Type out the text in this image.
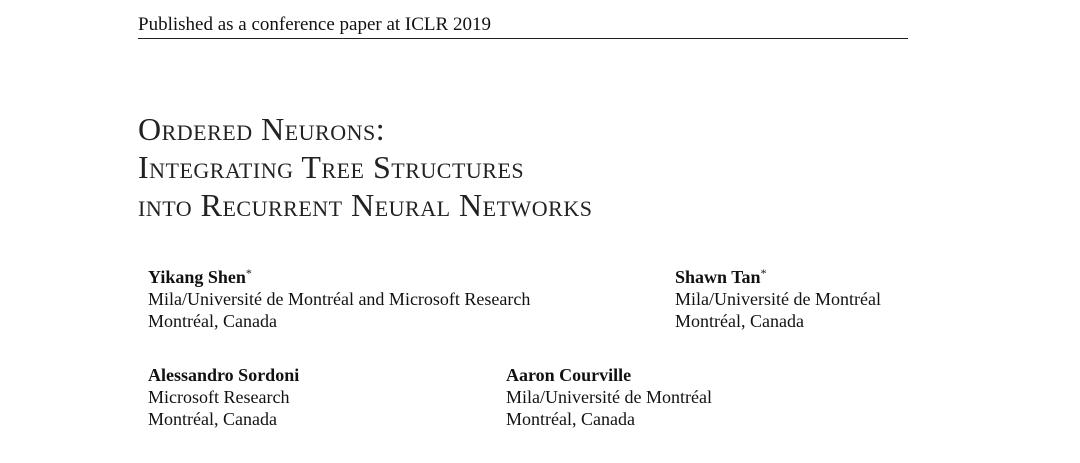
Published as a conference paper at ICLR 2019
Ordered Neurons:
Integrating Tree Structures
into Recurrent Neural Networks
Yikang Shen*
Mila/Université de Montréal and Microsoft Research
Montréal, Canada
Shawn Tan*
Mila/Université de Montréal
Montréal, Canada
Alessandro Sordoni
Microsoft Research
Montréal, Canada
Aaron Courville
Mila/Université de Montréal
Montréal, Canada
